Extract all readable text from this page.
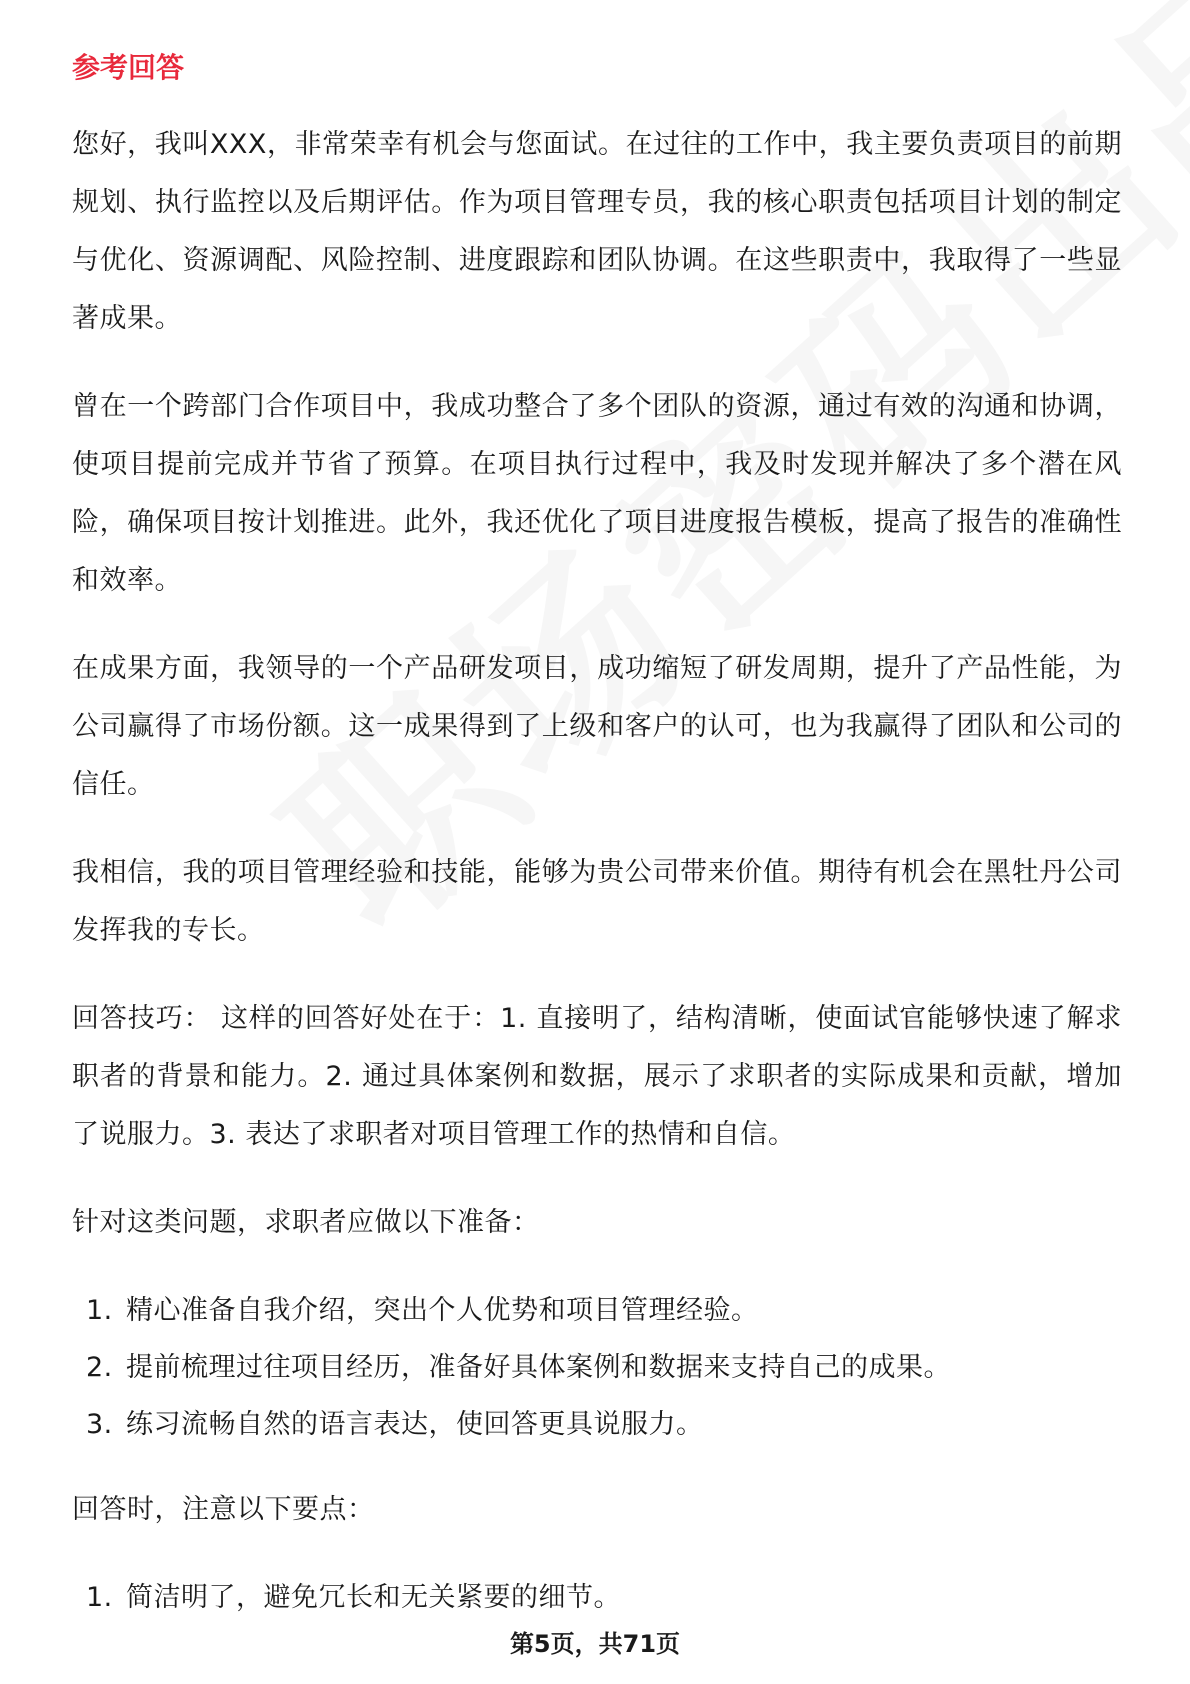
参考回答

您好，我叫XXX，非常荣幸有机会与您面试。在过往的工作中，我主要负责项目的前期规划、执行监控以及后期评估。作为项目管理专员，我的核心职责包括项目计划的制定与优化、资源调配、风险控制、进度跟踪和团队协调。在这些职责中，我取得了一些显著成果。

曾在一个跨部门合作项目中，我成功整合了多个团队的资源，通过有效的沟通和协调，使项目提前完成并节省了预算。在项目执行过程中，我及时发现并解决了多个潜在风险，确保项目按计划推进。此外，我还优化了项目进度报告模板，提高了报告的准确性和效率。

在成果方面，我领导的一个产品研发项目，成功缩短了研发周期，提升了产品性能，为公司赢得了市场份额。这一成果得到了上级和客户的认可，也为我赢得了团队和公司的信任。

我相信，我的项目管理经验和技能，能够为贵公司带来价值。期待有机会在黑牡丹公司发挥我的专长。

回答技巧： 这样的回答好处在于：1. 直接明了，结构清晰，使面试官能够快速了解求职者的背景和能力。2. 通过具体案例和数据，展示了求职者的实际成果和贡献，增加了说服力。3. 表达了求职者对项目管理工作的热情和自信。

针对这类问题，求职者应做以下准备：

1. 精心准备自我介绍，突出个人优势和项目管理经验。
2. 提前梳理过往项目经历，准备好具体案例和数据来支持自己的成果。
3. 练习流畅自然的语言表达，使回答更具说服力。

回答时，注意以下要点：

1. 简洁明了，避免冗长和无关紧要的细节。
第5页，共71页
